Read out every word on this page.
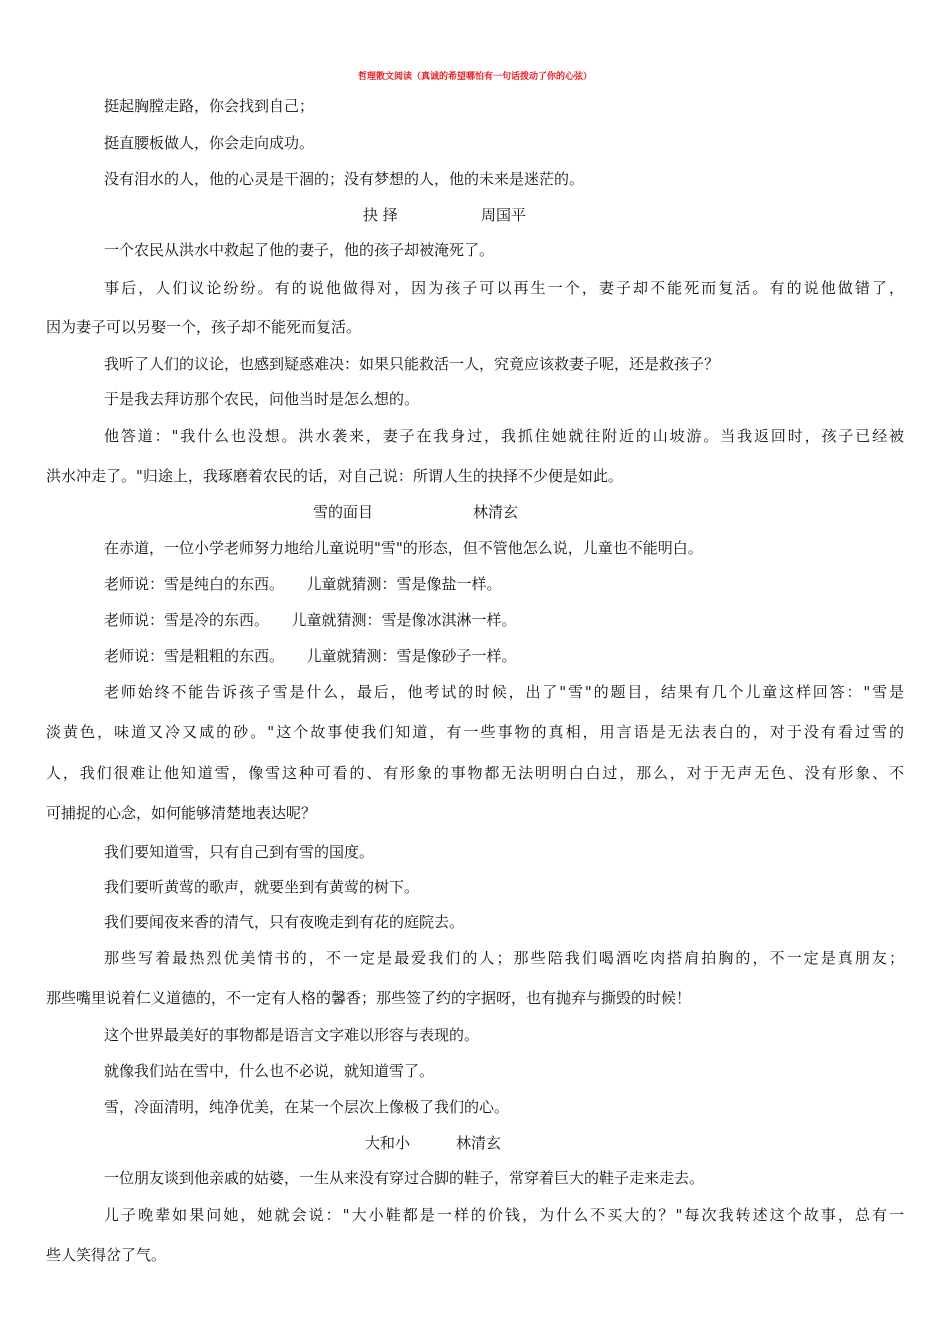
哲理散文阅读（真诚的希望哪怕有一句话拨动了你的心弦）
挺起胸膛走路，你会找到自己；
挺直腰板做人，你会走向成功。
没有泪水的人，他的心灵是干涸的；没有梦想的人，他的未来是迷茫的。
抉 择	周国平
一个农民从洪水中救起了他的妻子，他的孩子却被淹死了。
事后，人们议论纷纷。有的说他做得对，因为孩子可以再生一个，妻子却不能死而复活。有的说他做错了，
因为妻子可以另娶一个，孩子却不能死而复活。
我听了人们的议论，也感到疑惑难决：如果只能救活一人，究竟应该救妻子呢，还是救孩子？
于是我去拜访那个农民，问他当时是怎么想的。
他答道："我什么也没想。洪水袭来，妻子在我身过，我抓住她就往附近的山坡游。当我返回时，孩子已经被
洪水冲走了。"归途上，我琢磨着农民的话，对自己说：所谓人生的抉择不少便是如此。
雪的面目	林清玄
在赤道，一位小学老师努力地给儿童说明"雪"的形态，但不管他怎么说，儿童也不能明白。
老师说：雪是纯白的东西。　　儿童就猜测：雪是像盐一样。
老师说：雪是冷的东西。　　儿童就猜测：雪是像冰淇淋一样。
老师说：雪是粗粗的东西。　　儿童就猜测：雪是像砂子一样。
老师始终不能告诉孩子雪是什么，最后，他考试的时候，出了"雪"的题目，结果有几个儿童这样回答："雪是
淡黄色，味道又冷又咸的砂。"这个故事使我们知道，有一些事物的真相，用言语是无法表白的，对于没有看过雪的
人，我们很难让他知道雪，像雪这种可看的、有形象的事物都无法明明白白过，那么，对于无声无色、没有形象、不
可捕捉的心念，如何能够清楚地表达呢？
我们要知道雪，只有自己到有雪的国度。
我们要听黄莺的歌声，就要坐到有黄莺的树下。
我们要闻夜来香的清气，只有夜晚走到有花的庭院去。
那些写着最热烈优美情书的，不一定是最爱我们的人；那些陪我们喝酒吃肉搭肩拍胸的，不一定是真朋友；
那些嘴里说着仁义道德的，不一定有人格的馨香；那些签了约的字据呀，也有抛弃与撕毁的时候！
这个世界最美好的事物都是语言文字难以形容与表现的。
就像我们站在雪中，什么也不必说，就知道雪了。
雪，冷面清明，纯净优美，在某一个层次上像极了我们的心。
大和小	林清玄
一位朋友谈到他亲戚的姑婆，一生从来没有穿过合脚的鞋子，常穿着巨大的鞋子走来走去。
儿子晚辈如果问她，她就会说："大小鞋都是一样的价钱，为什么不买大的？"每次我转述这个故事，总有一
些人笑得岔了气。
